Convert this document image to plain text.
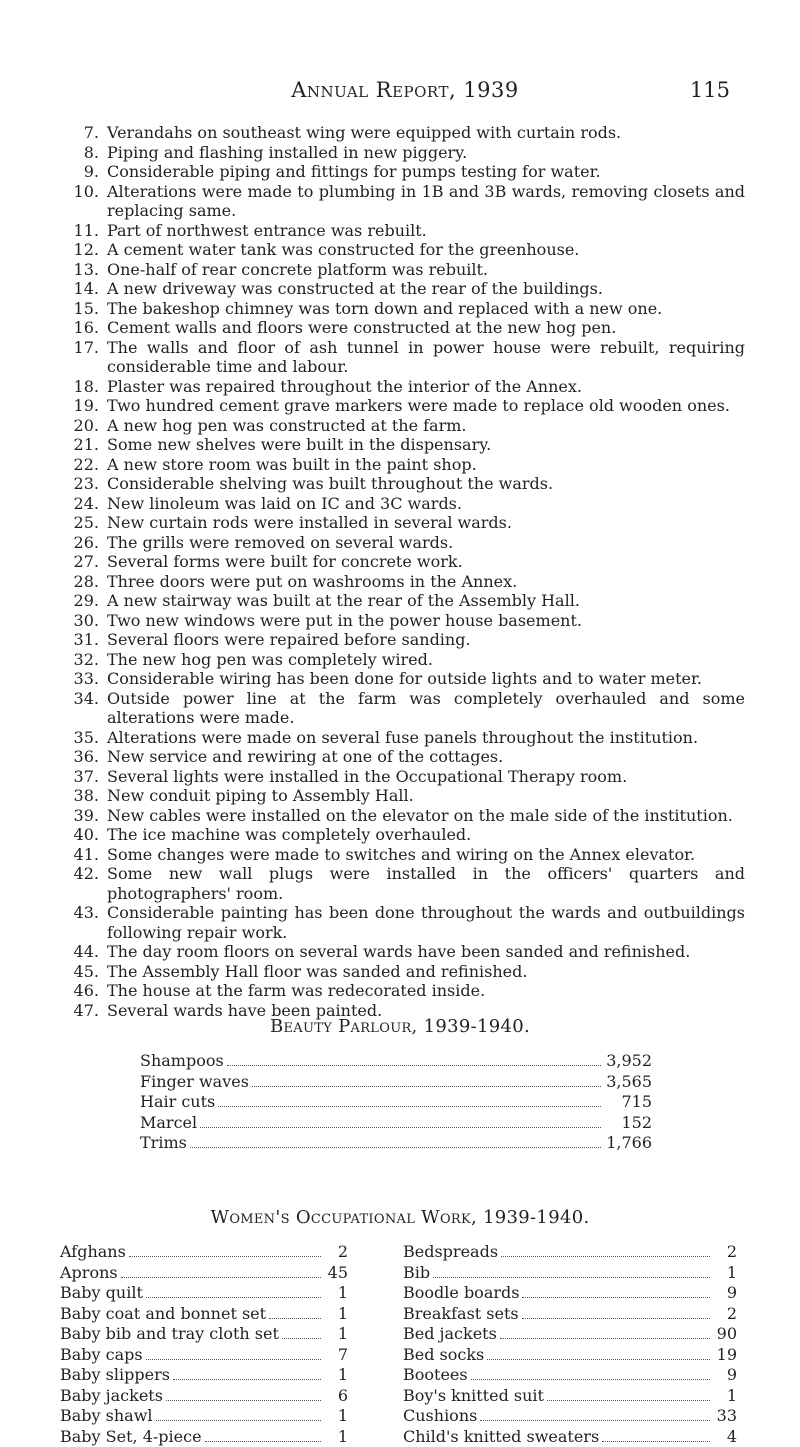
Annual Report, 1939	115
7. Verandahs on southeast wing were equipped with curtain rods.
8. Piping and flashing installed in new piggery.
9. Considerable piping and fittings for pumps testing for water.
10. Alterations were made to plumbing in 1B and 3B wards, removing closets and replacing same.
11. Part of northwest entrance was rebuilt.
12. A cement water tank was constructed for the greenhouse.
13. One-half of rear concrete platform was rebuilt.
14. A new driveway was constructed at the rear of the buildings.
15. The bakeshop chimney was torn down and replaced with a new one.
16. Cement walls and floors were constructed at the new hog pen.
17. The walls and floor of ash tunnel in power house were rebuilt, requiring considerable time and labour.
18. Plaster was repaired throughout the interior of the Annex.
19. Two hundred cement grave markers were made to replace old wooden ones.
20. A new hog pen was constructed at the farm.
21. Some new shelves were built in the dispensary.
22. A new store room was built in the paint shop.
23. Considerable shelving was built throughout the wards.
24. New linoleum was laid on IC and 3C wards.
25. New curtain rods were installed in several wards.
26. The grills were removed on several wards.
27. Several forms were built for concrete work.
28. Three doors were put on washrooms in the Annex.
29. A new stairway was built at the rear of the Assembly Hall.
30. Two new windows were put in the power house basement.
31. Several floors were repaired before sanding.
32. The new hog pen was completely wired.
33. Considerable wiring has been done for outside lights and to water meter.
34. Outside power line at the farm was completely overhauled and some alterations were made.
35. Alterations were made on several fuse panels throughout the institution.
36. New service and rewiring at one of the cottages.
37. Several lights were installed in the Occupational Therapy room.
38. New conduit piping to Assembly Hall.
39. New cables were installed on the elevator on the male side of the institution.
40. The ice machine was completely overhauled.
41. Some changes were made to switches and wiring on the Annex elevator.
42. Some new wall plugs were installed in the officers' quarters and photographers' room.
43. Considerable painting has been done throughout the wards and outbuildings following repair work.
44. The day room floors on several wards have been sanded and refinished.
45. The Assembly Hall floor was sanded and refinished.
46. The house at the farm was redecorated inside.
47. Several wards have been painted.
Beauty Parlour, 1939-1940.
Shampoos	3,952
Finger waves	3,565
Hair cuts	715
Marcel	152
Trims	1,766
Women's Occupational Work, 1939-1940.
Afghans	2
Aprons	45
Baby quilt	1
Baby coat and bonnet set	1
Baby bib and tray cloth set	1
Baby caps	7
Baby slippers	1
Baby jackets	6
Baby shawl	1
Baby Set, 4-piece	1
Bedspreads	2
Bib	1
Boodle boards	9
Breakfast sets	2
Bed jackets	90
Bed socks	19
Bootees	9
Boy's knitted suit	1
Cushions	33
Child's knitted sweaters	4
